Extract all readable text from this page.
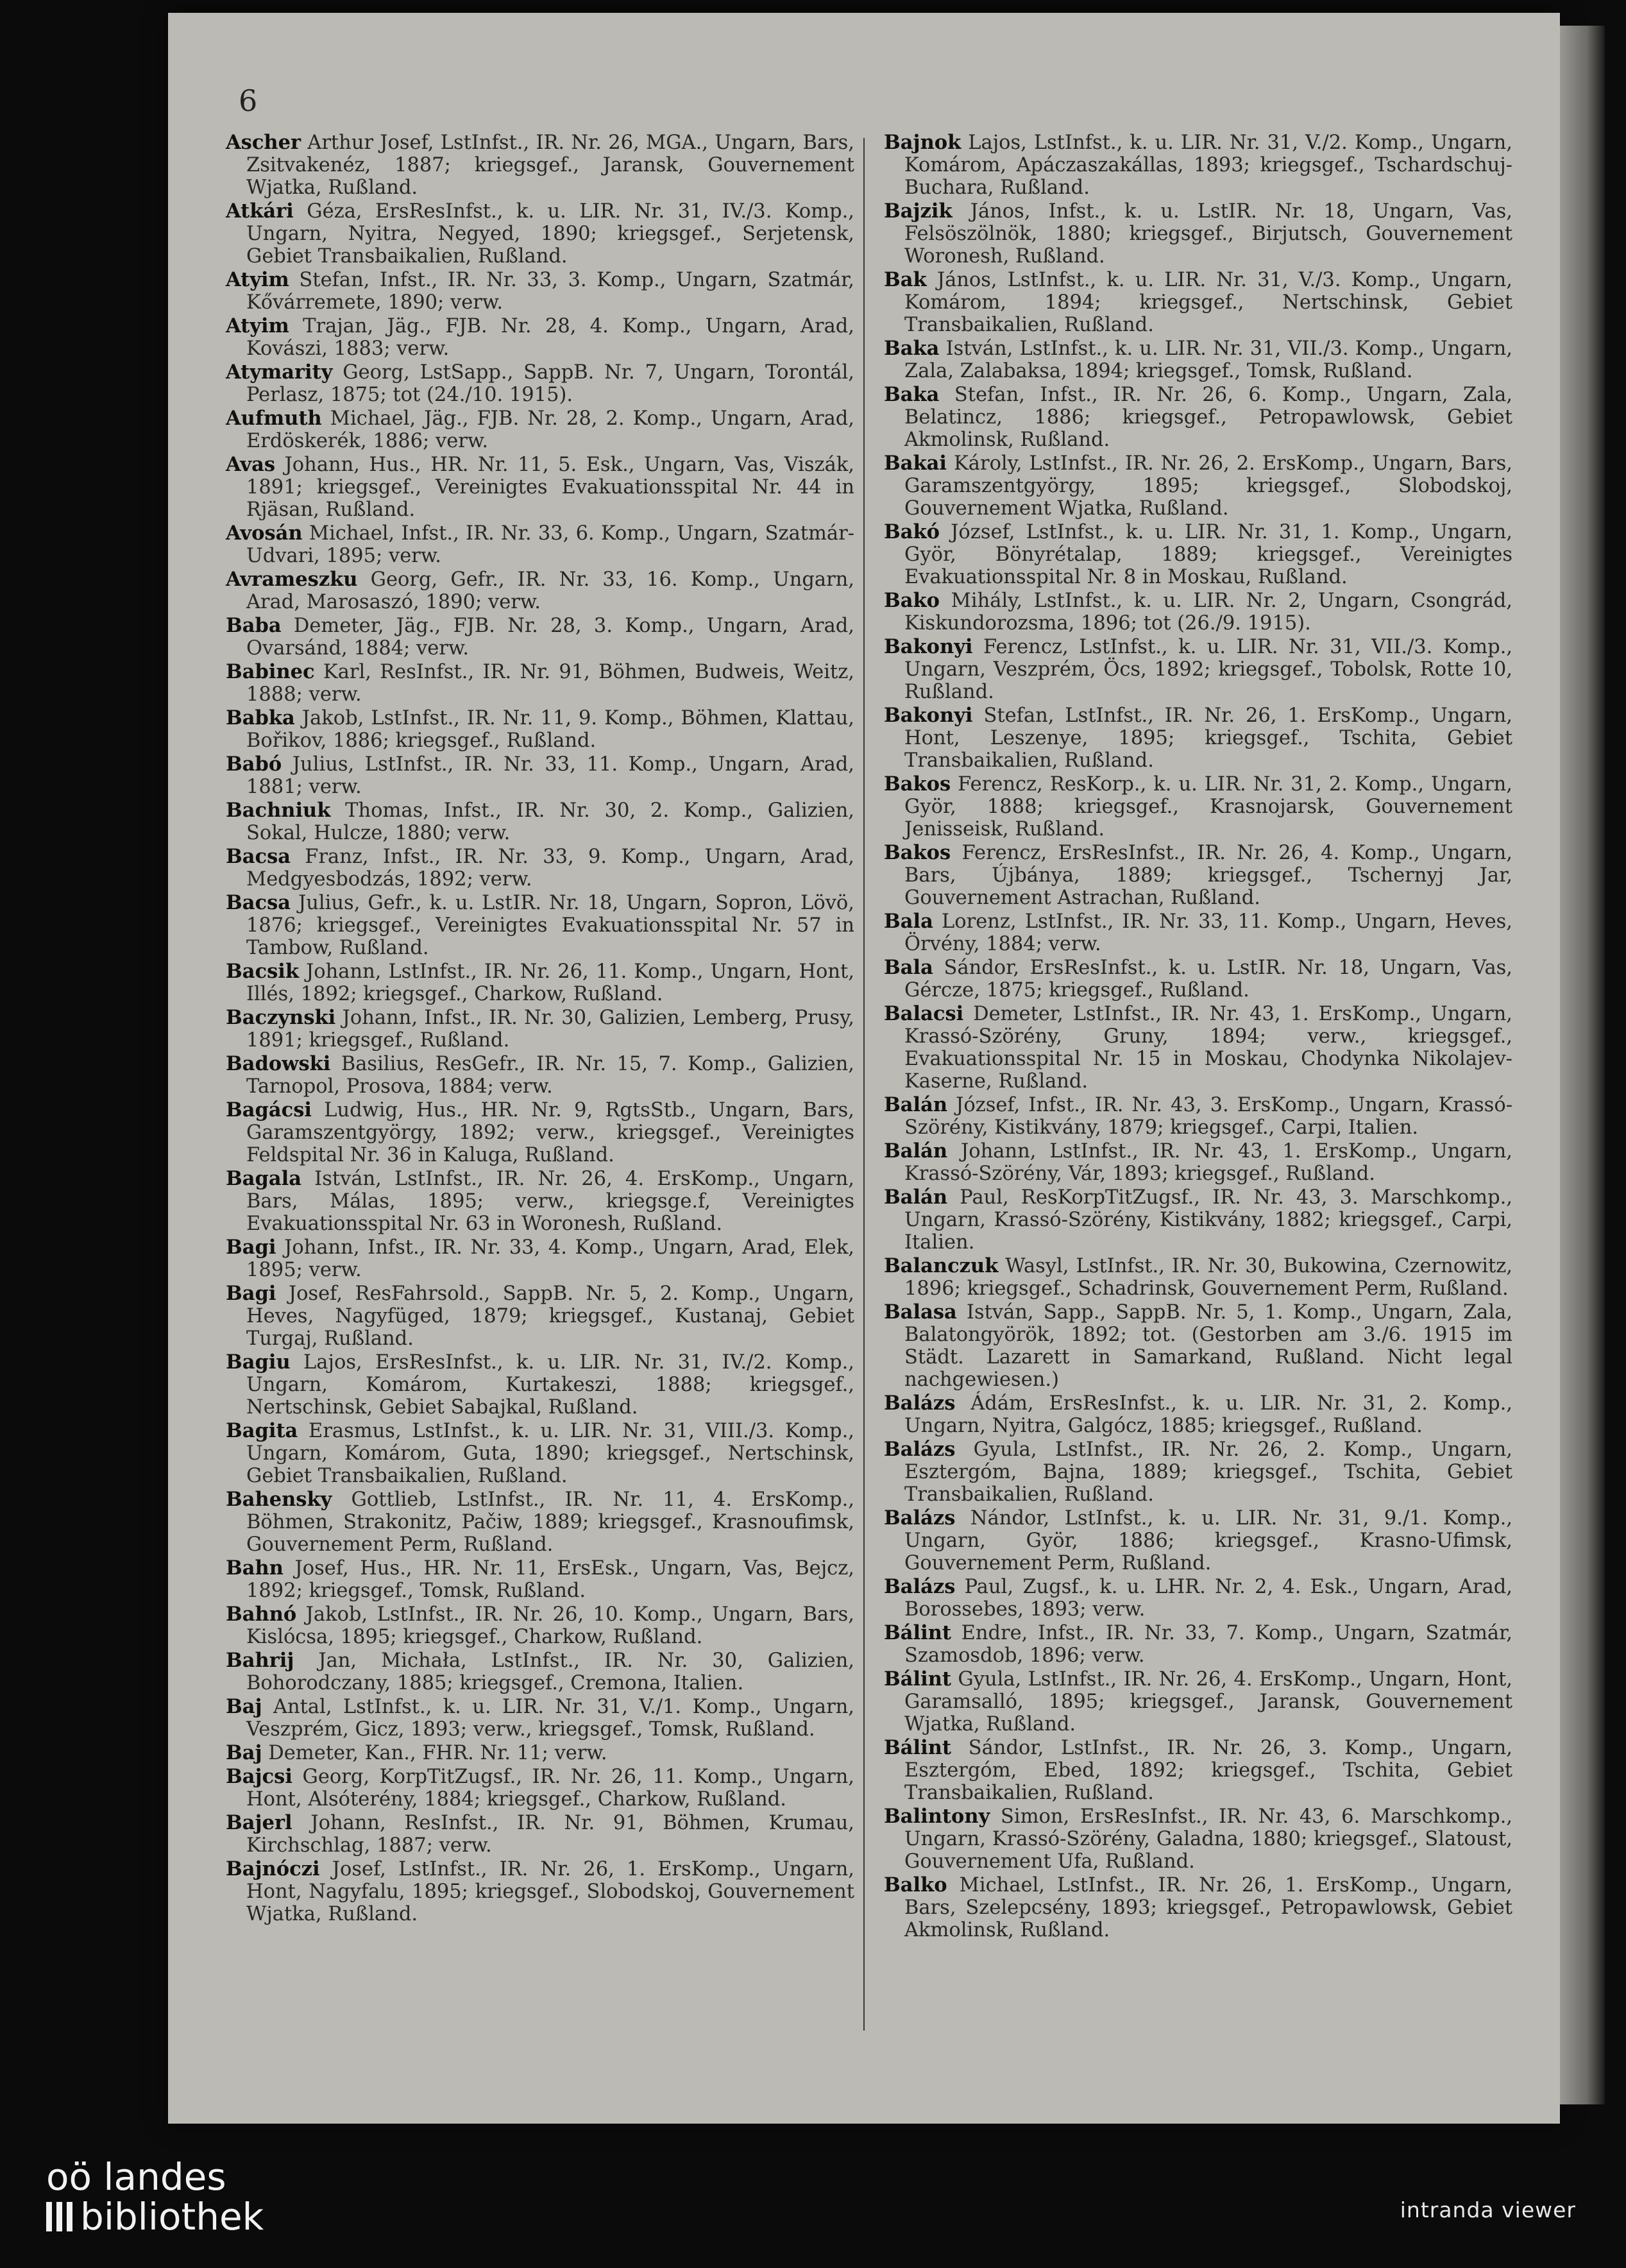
6

Ascher Arthur Josef, LstInfst., IR. Nr. 26, MGA., Ungarn, Bars, Zsitvakenéz, 1887; kriegsgef., Jaransk, Gouvernement Wjatka, Rußland.

Atkári Géza, ErsResInfst., k. u. LIR. Nr. 31, IV./3. Komp., Ungarn, Nyitra, Negyed, 1890; kriegsgef., Serjetensk, Gebiet Transbaikalien, Rußland.

Atyim Stefan, Infst., IR. Nr. 33, 3. Komp., Ungarn, Szatmár, Kővárremete, 1890; verw.

Atyim Trajan, Jäg., FJB. Nr. 28, 4. Komp., Ungarn, Arad, Kovászi, 1883; verw.

Atymarity Georg, LstSapp., SappB. Nr. 7, Ungarn, Torontál, Perlasz, 1875; tot (24./10. 1915).

Aufmuth Michael, Jäg., FJB. Nr. 28, 2. Komp., Ungarn, Arad, Erdöskerék, 1886; verw.

Avas Johann, Hus., HR. Nr. 11, 5. Esk., Ungarn, Vas, Viszák, 1891; kriegsgef., Vereinigtes Evakuationsspital Nr. 44 in Rjäsan, Rußland.

Avosán Michael, Infst., IR. Nr. 33, 6. Komp., Ungarn, Szatmár-Udvari, 1895; verw.

Avrameszku Georg, Gefr., IR. Nr. 33, 16. Komp., Ungarn, Arad, Marosaszó, 1890; verw.

Baba Demeter, Jäg., FJB. Nr. 28, 3. Komp., Ungarn, Arad, Ovarsánd, 1884; verw.

Babinec Karl, ResInfst., IR. Nr. 91, Böhmen, Budweis, Weitz, 1888; verw.

Babka Jakob, LstInfst., IR. Nr. 11, 9. Komp., Böhmen, Klattau, Bořikov, 1886; kriegsgef., Rußland.

Babó Julius, LstInfst., IR. Nr. 33, 11. Komp., Ungarn, Arad, 1881; verw.

Bachniuk Thomas, Infst., IR. Nr. 30, 2. Komp., Galizien, Sokal, Hulcze, 1880; verw.

Bacsa Franz, Infst., IR. Nr. 33, 9. Komp., Ungarn, Arad, Medgyesbodzás, 1892; verw.

Bacsa Julius, Gefr., k. u. LstIR. Nr. 18, Ungarn, Sopron, Lövö, 1876; kriegsgef., Vereinigtes Evakuationsspital Nr. 57 in Tambow, Rußland.

Bacsik Johann, LstInfst., IR. Nr. 26, 11. Komp., Ungarn, Hont, Illés, 1892; kriegsgef., Charkow, Rußland.

Baczynski Johann, Infst., IR. Nr. 30, Galizien, Lemberg, Prusy, 1891; kriegsgef., Rußland.

Badowski Basilius, ResGefr., IR. Nr. 15, 7. Komp., Galizien, Tarnopol, Prosova, 1884; verw.

Bagácsi Ludwig, Hus., HR. Nr. 9, RgtsStb., Ungarn, Bars, Garamszentgyörgy, 1892; verw., kriegsgef., Vereinigtes Feldspital Nr. 36 in Kaluga, Rußland.

Bagala István, LstInfst., IR. Nr. 26, 4. ErsKomp., Ungarn, Bars, Málas, 1895; verw., kriegsge.f, Vereinigtes Evakuationsspital Nr. 63 in Woronesh, Rußland.

Bagi Johann, Infst., IR. Nr. 33, 4. Komp., Ungarn, Arad, Elek, 1895; verw.

Bagi Josef, ResFahrsold., SappB. Nr. 5, 2. Komp., Ungarn, Heves, Nagyfüged, 1879; kriegsgef., Kustanaj, Gebiet Turgaj, Rußland.

Bagiu Lajos, ErsResInfst., k. u. LIR. Nr. 31, IV./2. Komp., Ungarn, Komárom, Kurtakeszi, 1888; kriegsgef., Nertschinsk, Gebiet Sabajkal, Rußland.

Bagita Erasmus, LstInfst., k. u. LIR. Nr. 31, VIII./3. Komp., Ungarn, Komárom, Guta, 1890; kriegsgef., Nertschinsk, Gebiet Transbaikalien, Rußland.

Bahensky Gottlieb, LstInfst., IR. Nr. 11, 4. ErsKomp., Böhmen, Strakonitz, Pačiw, 1889; kriegsgef., Krasnoufimsk, Gouvernement Perm, Rußland.

Bahn Josef, Hus., HR. Nr. 11, ErsEsk., Ungarn, Vas, Bejcz, 1892; kriegsgef., Tomsk, Rußland.

Bahnó Jakob, LstInfst., IR. Nr. 26, 10. Komp., Ungarn, Bars, Kislócsa, 1895; kriegsgef., Charkow, Rußland.

Bahrij Jan, Michała, LstInfst., IR. Nr. 30, Galizien, Bohorodczany, 1885; kriegsgef., Cremona, Italien.

Baj Antal, LstInfst., k. u. LIR. Nr. 31, V./1. Komp., Ungarn, Veszprém, Gicz, 1893; verw., kriegsgef., Tomsk, Rußland.

Baj Demeter, Kan., FHR. Nr. 11; verw.

Bajcsi Georg, KorpTitZugsf., IR. Nr. 26, 11. Komp., Ungarn, Hont, Alsóterény, 1884; kriegsgef., Charkow, Rußland.

Bajerl Johann, ResInfst., IR. Nr. 91, Böhmen, Krumau, Kirchschlag, 1887; verw.

Bajnóczi Josef, LstInfst., IR. Nr. 26, 1. ErsKomp., Ungarn, Hont, Nagyfalu, 1895; kriegsgef., Slobodskoj, Gouvernement Wjatka, Rußland.

Bajnok Lajos, LstInfst., k. u. LIR. Nr. 31, V./2. Komp., Ungarn, Komárom, Apáczaszakállas, 1893; kriegsgef., Tschardschuj-Buchara, Rußland.

Bajzik János, Infst., k. u. LstIR. Nr. 18, Ungarn, Vas, Felsöszölnök, 1880; kriegsgef., Birjutsch, Gouvernement Woronesh, Rußland.

Bak János, LstInfst., k. u. LIR. Nr. 31, V./3. Komp., Ungarn, Komárom, 1894; kriegsgef., Nertschinsk, Gebiet Transbaikalien, Rußland.

Baka István, LstInfst., k. u. LIR. Nr. 31, VII./3. Komp., Ungarn, Zala, Zalabaksa, 1894; kriegsgef., Tomsk, Rußland.

Baka Stefan, Infst., IR. Nr. 26, 6. Komp., Ungarn, Zala, Belatincz, 1886; kriegsgef., Petropawlowsk, Gebiet Akmolinsk, Rußland.

Bakai Károly, LstInfst., IR. Nr. 26, 2. ErsKomp., Ungarn, Bars, Garamszentgyörgy, 1895; kriegsgef., Slobodskoj, Gouvernement Wjatka, Rußland.

Bakó József, LstInfst., k. u. LIR. Nr. 31, 1. Komp., Ungarn, Györ, Bönyrétalap, 1889; kriegsgef., Vereinigtes Evakuationsspital Nr. 8 in Moskau, Rußland.

Bako Mihály, LstInfst., k. u. LIR. Nr. 2, Ungarn, Csongrád, Kiskundorozsma, 1896; tot (26./9. 1915).

Bakonyi Ferencz, LstInfst., k. u. LIR. Nr. 31, VII./3. Komp., Ungarn, Veszprém, Öcs, 1892; kriegsgef., Tobolsk, Rotte 10, Rußland.

Bakonyi Stefan, LstInfst., IR. Nr. 26, 1. ErsKomp., Ungarn, Hont, Leszenye, 1895; kriegsgef., Tschita, Gebiet Transbaikalien, Rußland.

Bakos Ferencz, ResKorp., k. u. LIR. Nr. 31, 2. Komp., Ungarn, Györ, 1888; kriegsgef., Krasnojarsk, Gouvernement Jenisseisk, Rußland.

Bakos Ferencz, ErsResInfst., IR. Nr. 26, 4. Komp., Ungarn, Bars, Újbánya, 1889; kriegsgef., Tschernyj Jar, Gouvernement Astrachan, Rußland.

Bala Lorenz, LstInfst., IR. Nr. 33, 11. Komp., Ungarn, Heves, Örvény, 1884; verw.

Bala Sándor, ErsResInfst., k. u. LstIR. Nr. 18, Ungarn, Vas, Gércze, 1875; kriegsgef., Rußland.

Balacsi Demeter, LstInfst., IR. Nr. 43, 1. ErsKomp., Ungarn, Krassó-Szörény, Gruny, 1894; verw., kriegsgef., Evakuationsspital Nr. 15 in Moskau, Chodynka Nikolajev-Kaserne, Rußland.

Balán József, Infst., IR. Nr. 43, 3. ErsKomp., Ungarn, Krassó-Szörény, Kistikvány, 1879; kriegsgef., Carpi, Italien.

Balán Johann, LstInfst., IR. Nr. 43, 1. ErsKomp., Ungarn, Krassó-Szörény, Vár, 1893; kriegsgef., Rußland.

Balán Paul, ResKorpTitZugsf., IR. Nr. 43, 3. Marschkomp., Ungarn, Krassó-Szörény, Kistikvány, 1882; kriegsgef., Carpi, Italien.

Balanczuk Wasyl, LstInfst., IR. Nr. 30, Bukowina, Czernowitz, 1896; kriegsgef., Schadrinsk, Gouvernement Perm, Rußland.

Balasa István, Sapp., SappB. Nr. 5, 1. Komp., Ungarn, Zala, Balatongyörök, 1892; tot. (Gestorben am 3./6. 1915 im Städt. Lazarett in Samarkand, Rußland. Nicht legal nachgewiesen.)

Balázs Ádám, ErsResInfst., k. u. LIR. Nr. 31, 2. Komp., Ungarn, Nyitra, Galgócz, 1885; kriegsgef., Rußland.

Balázs Gyula, LstInfst., IR. Nr. 26, 2. Komp., Ungarn, Esztergóm, Bajna, 1889; kriegsgef., Tschita, Gebiet Transbaikalien, Rußland.

Balázs Nándor, LstInfst., k. u. LIR. Nr. 31, 9./1. Komp., Ungarn, Györ, 1886; kriegsgef., Krasno-Ufimsk, Gouvernement Perm, Rußland.

Balázs Paul, Zugsf., k. u. LHR. Nr. 2, 4. Esk., Ungarn, Arad, Borossebes, 1893; verw.

Bálint Endre, Infst., IR. Nr. 33, 7. Komp., Ungarn, Szatmár, Szamosdob, 1896; verw.

Bálint Gyula, LstInfst., IR. Nr. 26, 4. ErsKomp., Ungarn, Hont, Garamsalló, 1895; kriegsgef., Jaransk, Gouvernement Wjatka, Rußland.

Bálint Sándor, LstInfst., IR. Nr. 26, 3. Komp., Ungarn, Esztergóm, Ebed, 1892; kriegsgef., Tschita, Gebiet Transbaikalien, Rußland.

Balintony Simon, ErsResInfst., IR. Nr. 43, 6. Marschkomp., Ungarn, Krassó-Szörény, Galadna, 1880; kriegsgef., Slatoust, Gouvernement Ufa, Rußland.

Balko Michael, LstInfst., IR. Nr. 26, 1. ErsKomp., Ungarn, Bars, Szelepcsény, 1893; kriegsgef., Petropawlowsk, Gebiet Akmolinsk, Rußland.

oö landes
bibliothek	intranda viewer
